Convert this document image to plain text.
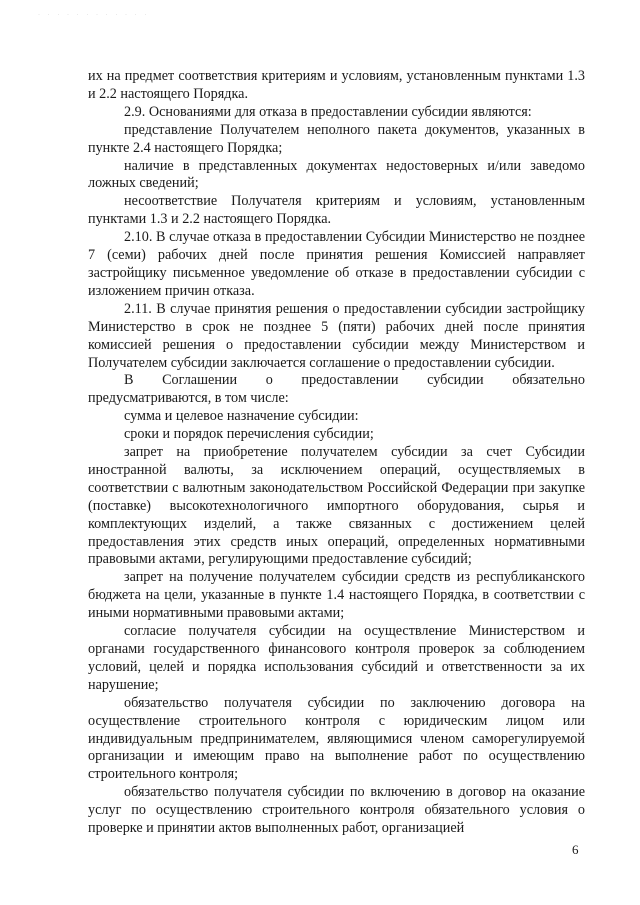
· · · · · · · · · · · ·

их на предмет соответствия критериям и условиям, установленным пунктами 1.3 и 2.2 настоящего Порядка.

2.9. Основаниями для отказа в предоставлении субсидии являются:

представление Получателем неполного пакета документов, указанных в пункте 2.4 настоящего Порядка;

наличие в представленных документах недостоверных и/или заведомо ложных сведений;

несоответствие Получателя критериям и условиям, установленным пунктами 1.3 и 2.2 настоящего Порядка.

2.10. В случае отказа в предоставлении Субсидии Министерство не позднее 7 (семи) рабочих дней после принятия решения Комиссией направляет застройщику письменное уведомление об отказе в предоставлении субсидии с изложением причин отказа.

2.11. В случае принятия решения о предоставлении субсидии застройщику Министерство в срок не позднее 5 (пяти) рабочих дней после принятия комиссией решения о предоставлении субсидии между Министерством и Получателем субсидии заключается соглашение о предоставлении субсидии.

В Соглашении о предоставлении субсидии обязательно предусматриваются, в том числе:

сумма и целевое назначение субсидии:

сроки и порядок перечисления субсидии;

запрет на приобретение получателем субсидии за счет Субсидии иностранной валюты, за исключением операций, осуществляемых в соответствии с валютным законодательством Российской Федерации при закупке (поставке) высокотехнологичного импортного оборудования, сырья и комплектующих изделий, а также связанных с достижением целей предоставления этих средств иных операций, определенных нормативными правовыми актами, регулирующими предоставление субсидий;

запрет на получение получателем субсидии средств из республиканского бюджета на цели, указанные в пункте 1.4 настоящего Порядка, в соответствии с иными нормативными правовыми актами;

согласие получателя субсидии на осуществление Министерством и органами государственного финансового контроля проверок за соблюдением условий, целей и порядка использования субсидий и ответственности за их нарушение;

обязательство получателя субсидии по заключению договора на осуществление строительного контроля с юридическим лицом или индивидуальным предпринимателем, являющимися членом саморегулируемой организации и имеющим право на выполнение работ по осуществлению строительного контроля;

обязательство получателя субсидии по включению в договор на оказание услуг по осуществлению строительного контроля обязательного условия о проверке и принятии актов выполненных работ, организацией

6
